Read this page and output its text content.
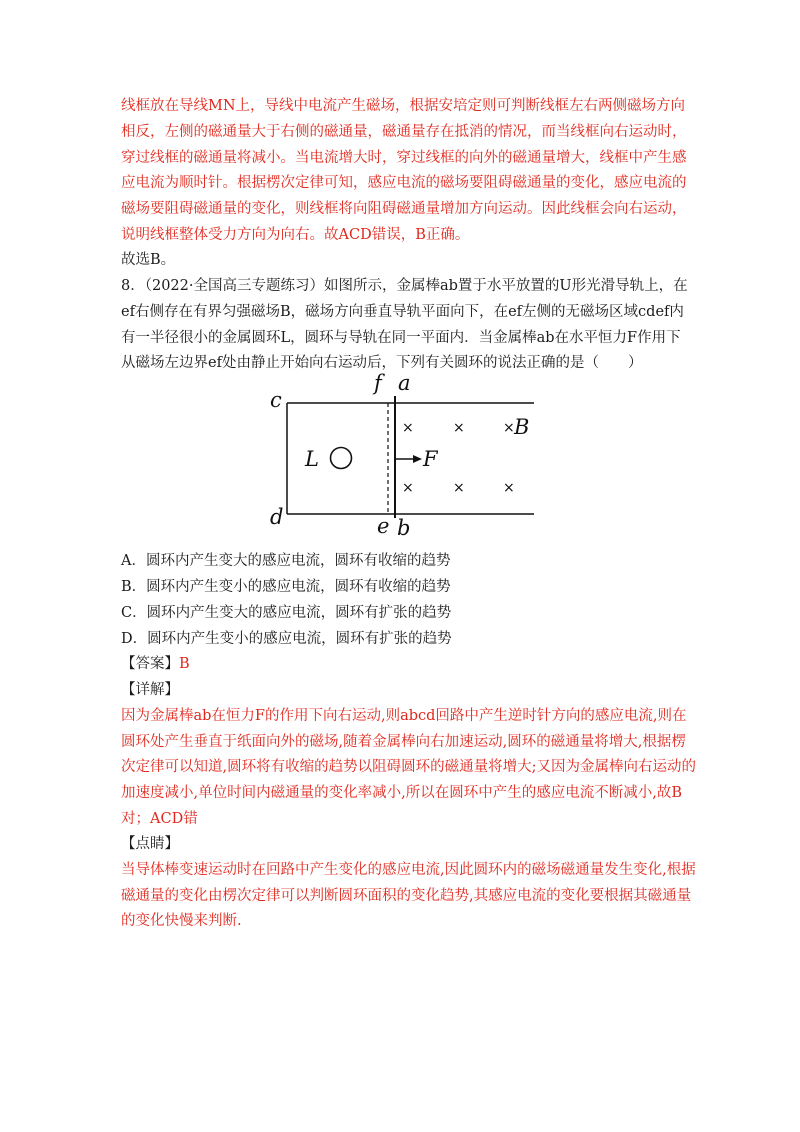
线框放在导线MN上，导线中电流产生磁场，根据安培定则可判断线框左右两侧磁场方向
相反，左侧的磁通量大于右侧的磁通量，磁通量存在抵消的情况，而当线框向右运动时，
穿过线框的磁通量将减小。当电流增大时，穿过线框的向外的磁通量增大，线框中产生感
应电流为顺时针。根据楞次定律可知，感应电流的磁场要阻碍磁通量的变化，感应电流的
磁场要阻碍磁通量的变化，则线框将向阻碍磁通量增加方向运动。因此线框会向右运动，
说明线框整体受力方向为向右。故ACD错误，B正确。
故选B。
8．（2022·全国高三专题练习）如图所示，金属棒ab置于水平放置的U形光滑导轨上，在
ef右侧存在有界匀强磁场B，磁场方向垂直导轨平面向下，在ef左侧的无磁场区域cdef内
有一半径很小的金属圆环L，圆环与导轨在同一平面内．当金属棒ab在水平恒力F作用下
从磁场左边界ef处由静止开始向右运动后，下列有关圆环的说法正确的是（　　）
c
d
f a
e b
L	F
B
×	×	×
×	×	×
A．圆环内产生变大的感应电流，圆环有收缩的趋势
B．圆环内产生变小的感应电流，圆环有收缩的趋势
C．圆环内产生变大的感应电流，圆环有扩张的趋势
D．圆环内产生变小的感应电流，圆环有扩张的趋势
【答案】B
【详解】
因为金属棒ab在恒力F的作用下向右运动,则abcd回路中产生逆时针方向的感应电流,则在
圆环处产生垂直于纸面向外的磁场,随着金属棒向右加速运动,圆环的磁通量将增大,根据楞
次定律可以知道,圆环将有收缩的趋势以阻碍圆环的磁通量将增大;又因为金属棒向右运动的
加速度减小,单位时间内磁通量的变化率减小,所以在圆环中产生的感应电流不断减小,故B
对；ACD错
【点睛】
当导体棒变速运动时在回路中产生变化的感应电流,因此圆环内的磁场磁通量发生变化,根据
磁通量的变化由楞次定律可以判断圆环面积的变化趋势,其感应电流的变化要根据其磁通量
的变化快慢来判断.
